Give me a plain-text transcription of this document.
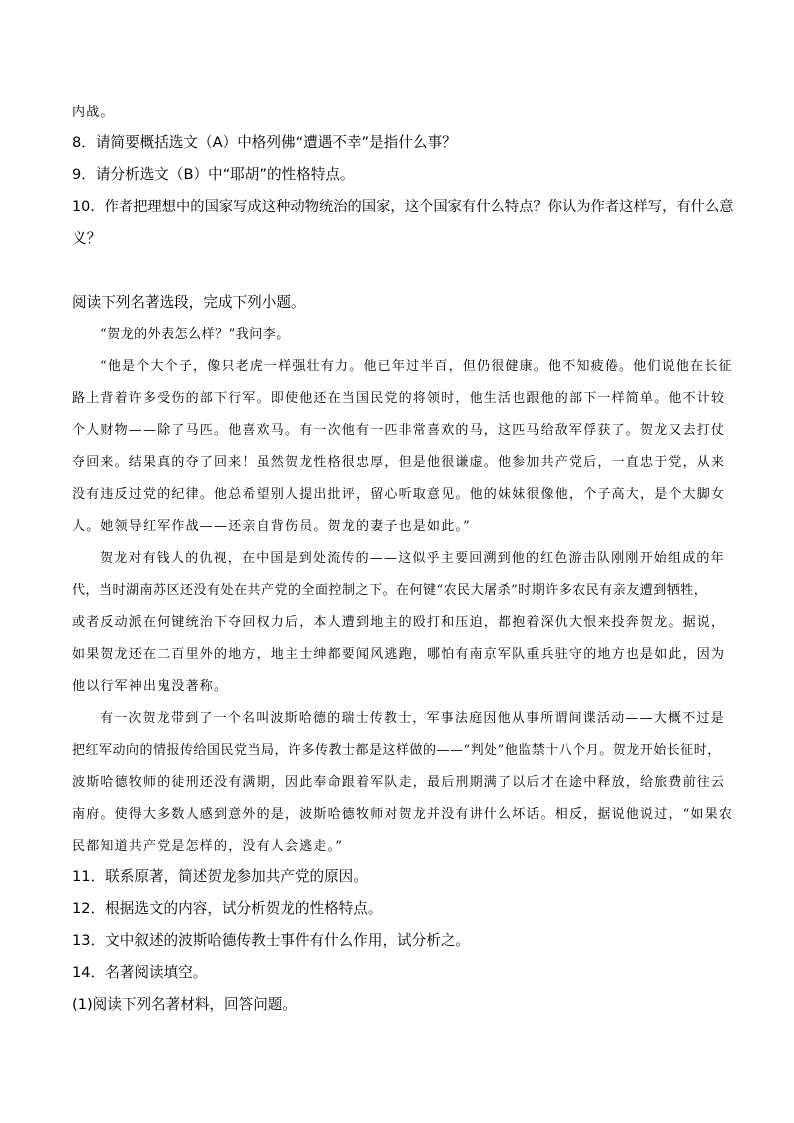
内战。
8．请简要概括选文（A）中格列佛“遭遇不幸”是指什么事？
9．请分析选文（B）中“耶胡”的性格特点。
10．作者把理想中的国家写成这种动物统治的国家，这个国家有什么特点？你认为作者这样写，有什么意
义？
阅读下列名著选段，完成下列小题。
“贺龙的外表怎么样？”我问李。
“他是个大个子，像只老虎一样强壮有力。他已年过半百，但仍很健康。他不知疲倦。他们说他在长征
路上背着许多受伤的部下行军。即使他还在当国民党的将领时，他生活也跟他的部下一样简单。他不计较
个人财物——除了马匹。他喜欢马。有一次他有一匹非常喜欢的马，这匹马给敌军俘获了。贺龙又去打仗
夺回来。结果真的夺了回来！虽然贺龙性格很忠厚，但是他很谦虚。他参加共产党后，一直忠于党，从来
没有违反过党的纪律。他总希望别人提出批评，留心听取意见。他的妹妹很像他，个子高大，是个大脚女
人。她领导红军作战——还亲自背伤员。贺龙的妻子也是如此。”
贺龙对有钱人的仇视，在中国是到处流传的——这似乎主要回溯到他的红色游击队刚刚开始组成的年
代，当时湖南苏区还没有处在共产党的全面控制之下。在何键“农民大屠杀”时期许多农民有亲友遭到牺牲，
或者反动派在何键统治下夺回权力后，本人遭到地主的殴打和压迫，都抱着深仇大恨来投奔贺龙。据说，
如果贺龙还在二百里外的地方，地主士绅都要闻风逃跑，哪怕有南京军队重兵驻守的地方也是如此，因为
他以行军神出鬼没著称。
有一次贺龙带到了一个名叫波斯哈德的瑞士传教士，军事法庭因他从事所谓间谍活动——大概不过是
把红军动向的情报传给国民党当局，许多传教士都是这样做的——“判处”他监禁十八个月。贺龙开始长征时，
波斯哈德牧师的徒刑还没有满期，因此奉命跟着军队走，最后刑期满了以后才在途中释放，给旅费前往云
南府。使得大多数人感到意外的是，波斯哈德牧师对贺龙并没有讲什么坏话。相反，据说他说过，“如果农
民都知道共产党是怎样的，没有人会逃走。”
11．联系原著，简述贺龙参加共产党的原因。
12．根据选文的内容，试分析贺龙的性格特点。
13．文中叙述的波斯哈德传教士事件有什么作用，试分析之。
14．名著阅读填空。
(1)阅读下列名著材料，回答问题。
